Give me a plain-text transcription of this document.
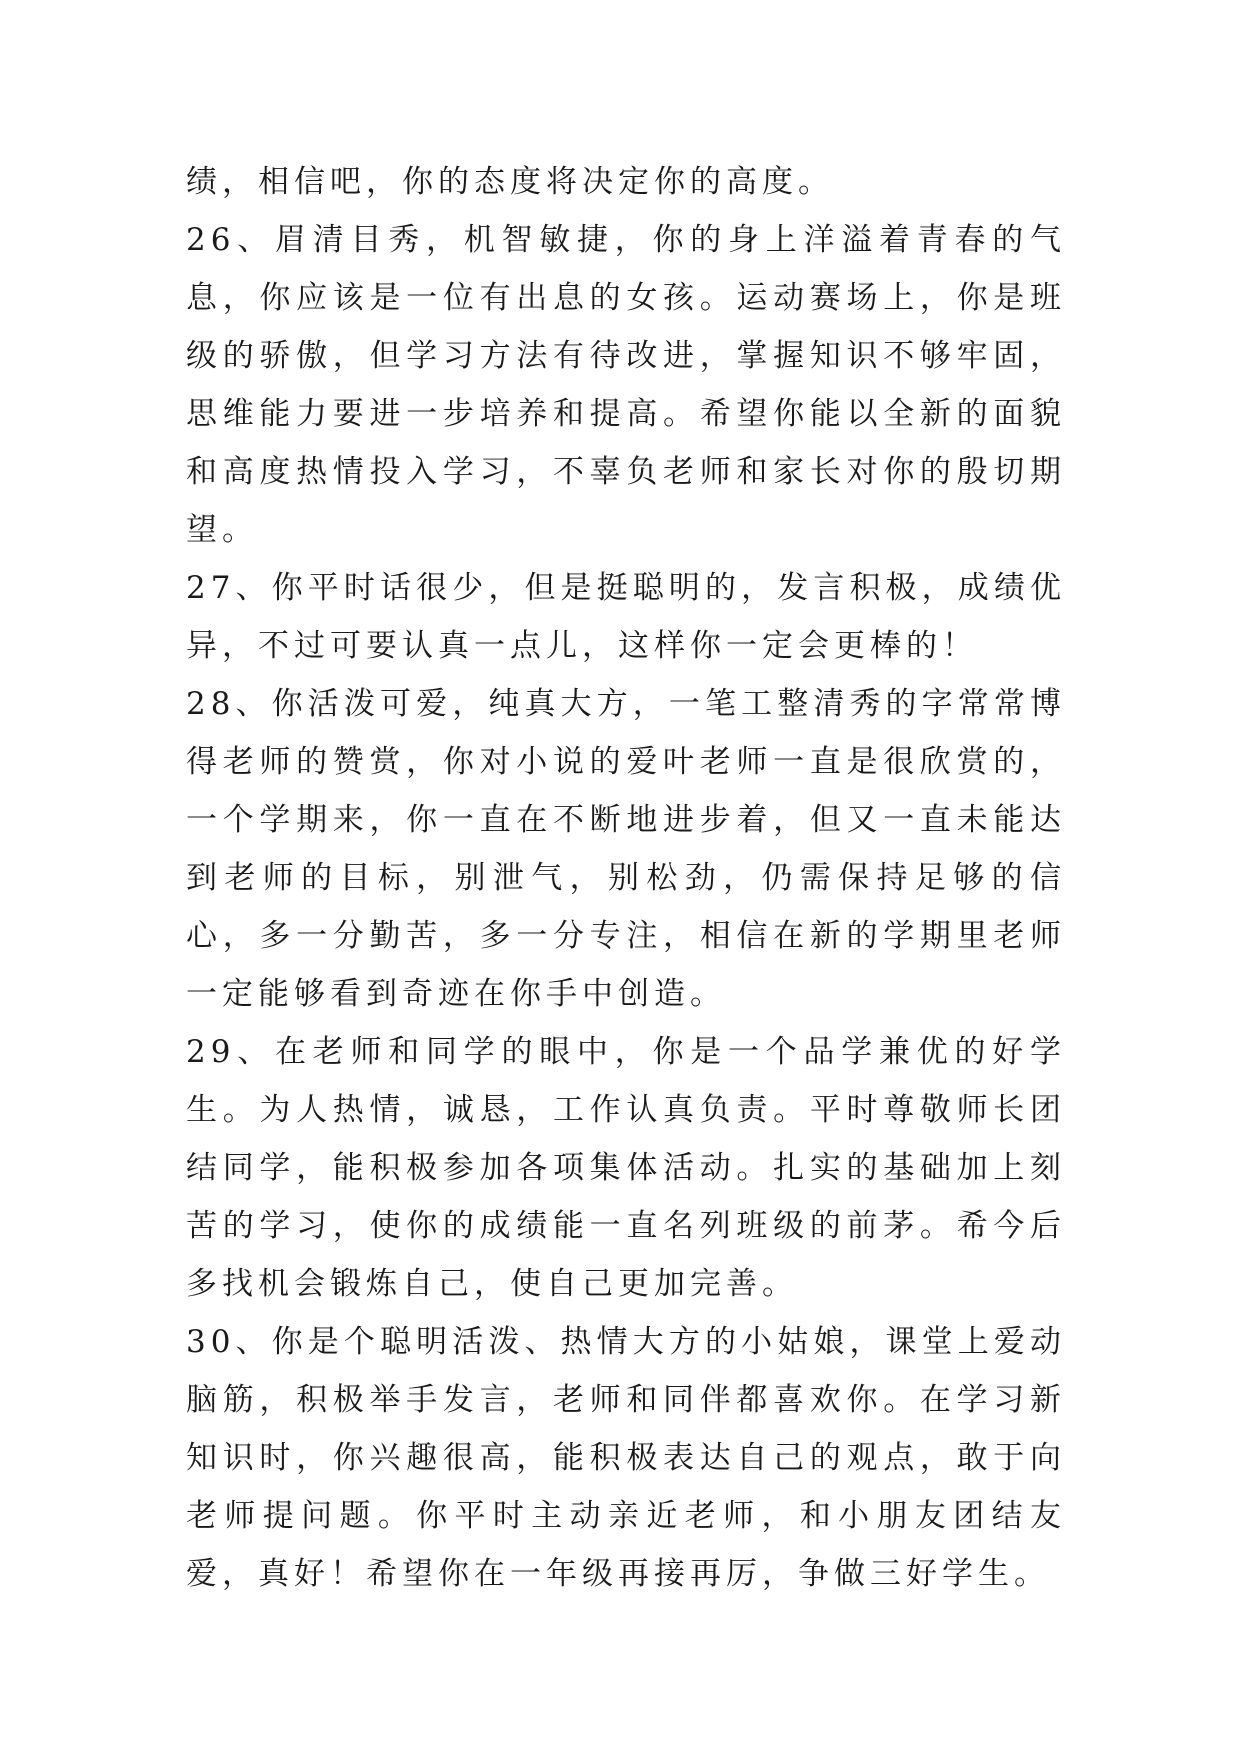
绩，相信吧，你的态度将决定你的高度。

26、眉清目秀，机智敏捷，你的身上洋溢着青春的气息，你应该是一位有出息的女孩。运动赛场上，你是班级的骄傲，但学习方法有待改进，掌握知识不够牢固，思维能力要进一步培养和提高。希望你能以全新的面貌和高度热情投入学习，不辜负老师和家长对你的殷切期望。

27、你平时话很少，但是挺聪明的，发言积极，成绩优异，不过可要认真一点儿，这样你一定会更棒的！

28、你活泼可爱，纯真大方，一笔工整清秀的字常常博得老师的赞赏，你对小说的爱叶老师一直是很欣赏的，一个学期来，你一直在不断地进步着，但又一直未能达到老师的目标，别泄气，别松劲，仍需保持足够的信心，多一分勤苦，多一分专注，相信在新的学期里老师一定能够看到奇迹在你手中创造。

29、在老师和同学的眼中，你是一个品学兼优的好学生。为人热情，诚恳，工作认真负责。平时尊敬师长团结同学，能积极参加各项集体活动。扎实的基础加上刻苦的学习，使你的成绩能一直名列班级的前茅。希今后多找机会锻炼自己，使自己更加完善。

30、你是个聪明活泼、热情大方的小姑娘，课堂上爱动脑筋，积极举手发言，老师和同伴都喜欢你。在学习新知识时，你兴趣很高，能积极表达自己的观点，敢于向老师提问题。你平时主动亲近老师，和小朋友团结友爱，真好！希望你在一年级再接再厉，争做三好学生。
